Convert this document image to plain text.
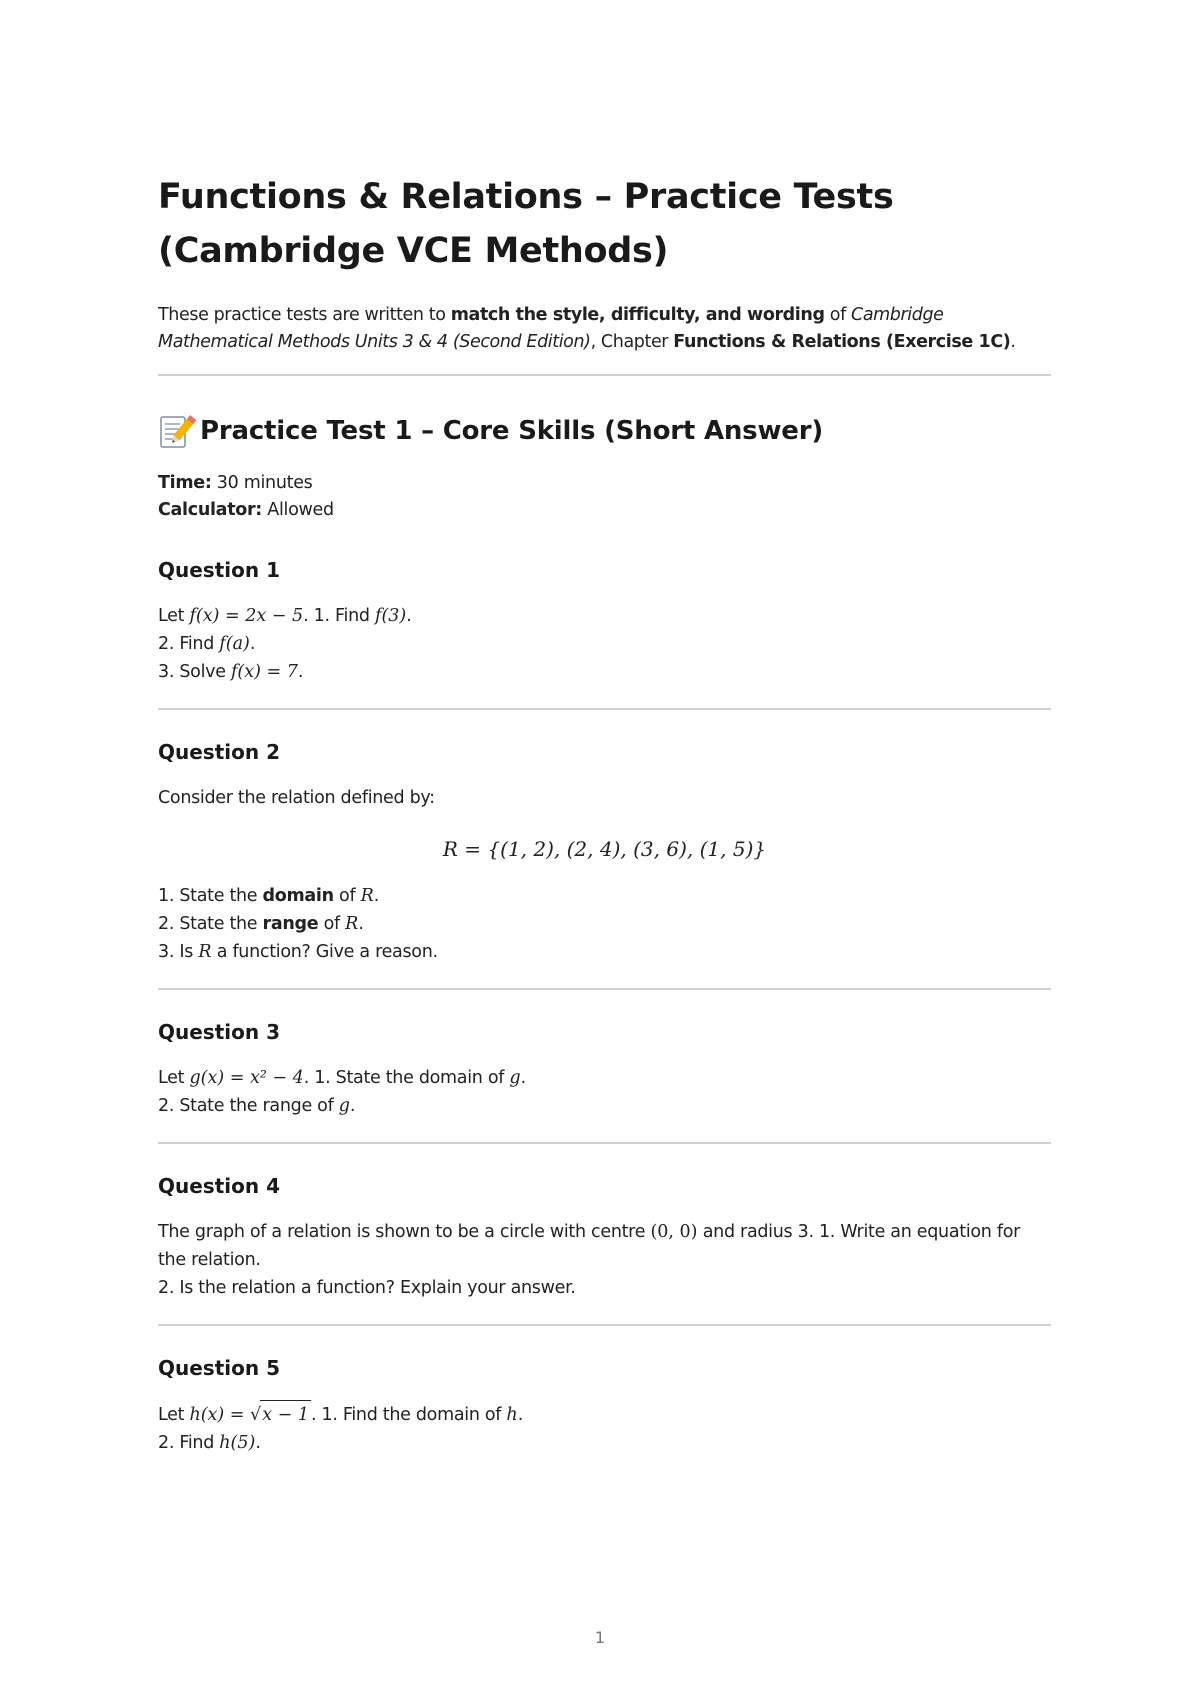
Functions & Relations – Practice Tests
(Cambridge VCE Methods)

These practice tests are written to match the style, difficulty, and wording of Cambridge Mathematical Methods Units 3 & 4 (Second Edition), Chapter Functions & Relations (Exercise 1C).

Practice Test 1 – Core Skills (Short Answer)

Time: 30 minutes
Calculator: Allowed

Question 1

Let f(x) = 2x − 5. 1. Find f(3).
2. Find f(a).
3. Solve f(x) = 7.

Question 2

Consider the relation defined by:

R = {(1, 2), (2, 4), (3, 6), (1, 5)}

1. State the domain of R.
2. State the range of R.
3. Is R a function? Give a reason.

Question 3

Let g(x) = x² − 4. 1. State the domain of g.
2. State the range of g.

Question 4

The graph of a relation is shown to be a circle with centre (0, 0) and radius 3. 1. Write an equation for the relation.
2. Is the relation a function? Explain your answer.

Question 5

Let h(x) = √x − 1 . 1. Find the domain of h.
2. Find h(5).

1
